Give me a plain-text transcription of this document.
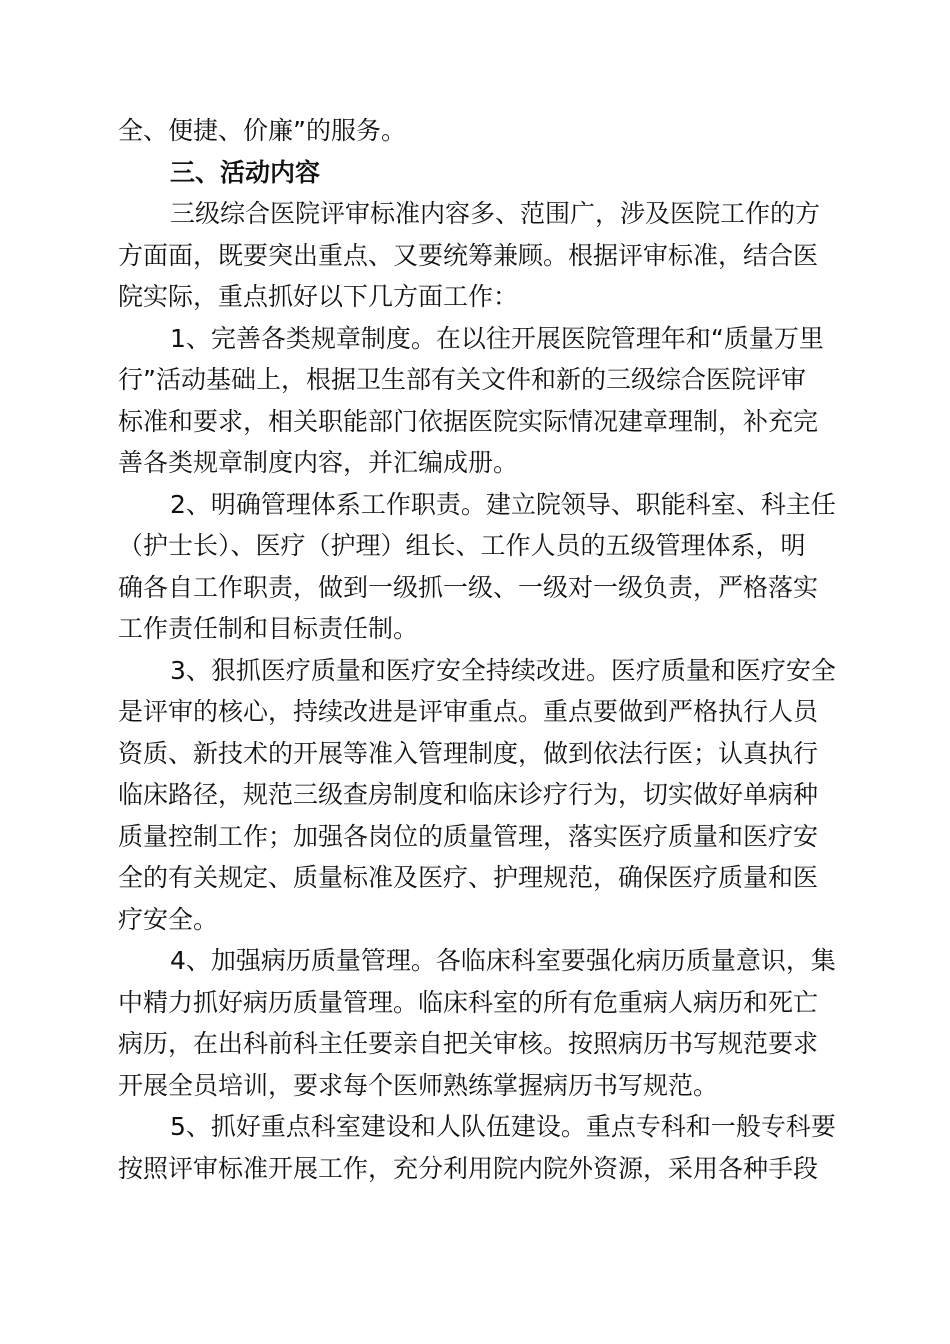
全、便捷、价廉”的服务。
三、活动内容
三级综合医院评审标准内容多、范围广，涉及医院工作的方
方面面，既要突出重点、又要统筹兼顾。根据评审标准，结合医
院实际，重点抓好以下几方面工作：
1、完善各类规章制度。在以往开展医院管理年和“质量万里
行”活动基础上，根据卫生部有关文件和新的三级综合医院评审
标准和要求，相关职能部门依据医院实际情况建章理制，补充完
善各类规章制度内容，并汇编成册。
2、明确管理体系工作职责。建立院领导、职能科室、科主任
（护士长）、医疗（护理）组长、工作人员的五级管理体系，明
确各自工作职责，做到一级抓一级、一级对一级负责，严格落实
工作责任制和目标责任制。
3、狠抓医疗质量和医疗安全持续改进。医疗质量和医疗安全
是评审的核心，持续改进是评审重点。重点要做到严格执行人员
资质、新技术的开展等准入管理制度，做到依法行医；认真执行
临床路径，规范三级查房制度和临床诊疗行为，切实做好单病种
质量控制工作；加强各岗位的质量管理，落实医疗质量和医疗安
全的有关规定、质量标准及医疗、护理规范，确保医疗质量和医
疗安全。
4、加强病历质量管理。各临床科室要强化病历质量意识，集
中精力抓好病历质量管理。临床科室的所有危重病人病历和死亡
病历，在出科前科主任要亲自把关审核。按照病历书写规范要求
开展全员培训，要求每个医师熟练掌握病历书写规范。
5、抓好重点科室建设和人队伍建设。重点专科和一般专科要
按照评审标准开展工作，充分利用院内院外资源，采用各种手段
